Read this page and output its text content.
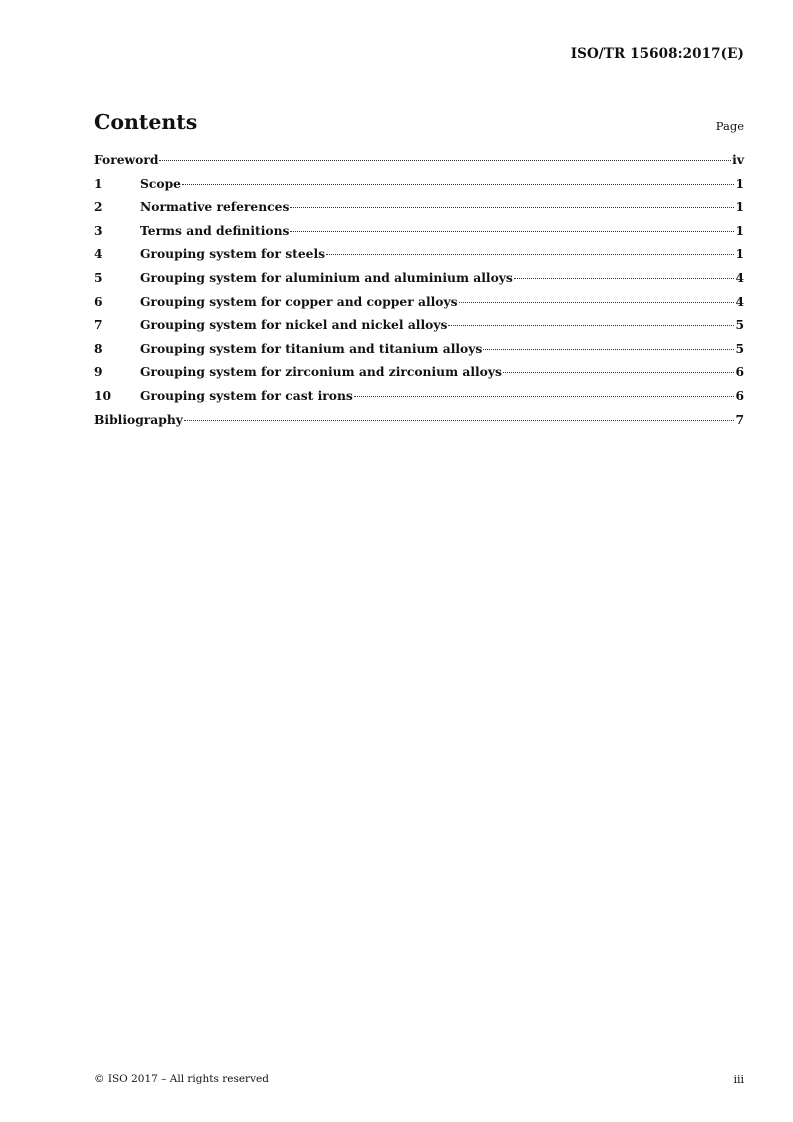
ISO/TR 15608:2017(E)
Contents	Page
Foreword	iv
1	Scope	1
2	Normative references	1
3	Terms and definitions	1
4	Grouping system for steels	1
5	Grouping system for aluminium and aluminium alloys	4
6	Grouping system for copper and copper alloys	4
7	Grouping system for nickel and nickel alloys	5
8	Grouping system for titanium and titanium alloys	5
9	Grouping system for zirconium and zirconium alloys	6
10	Grouping system for cast irons	6
Bibliography	7
© ISO 2017 – All rights reserved	iii
